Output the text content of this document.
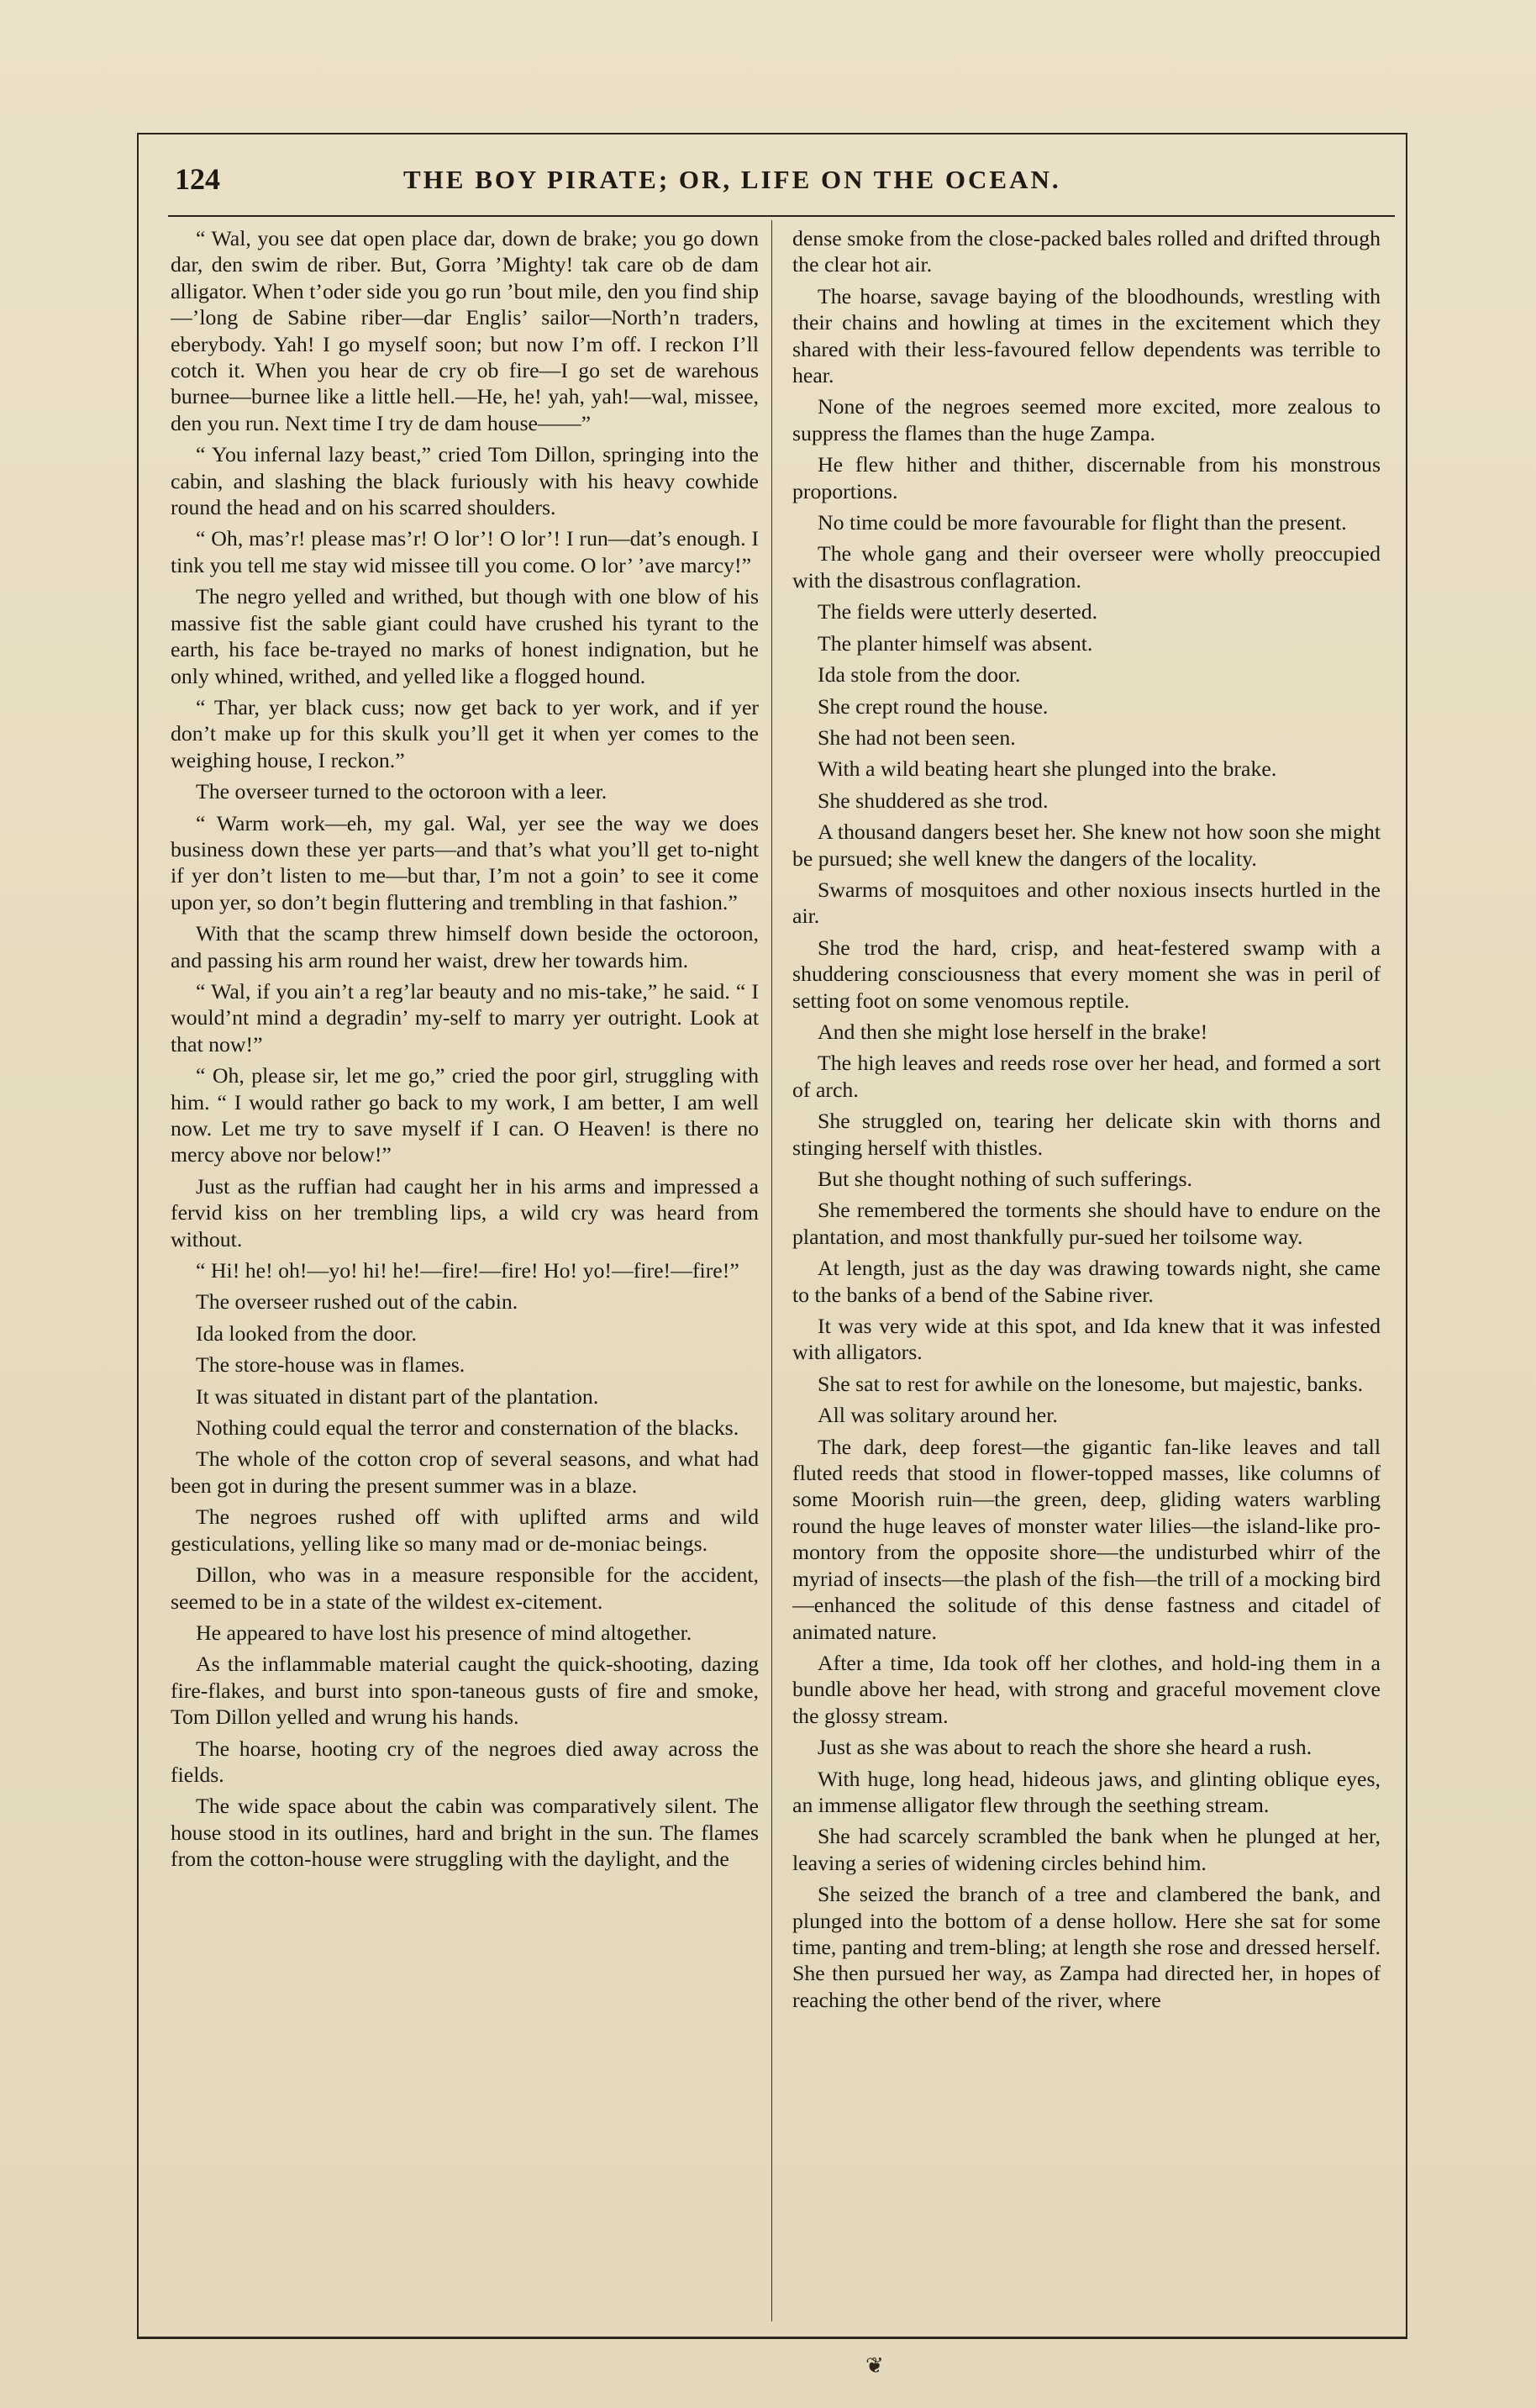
124	THE BOY PIRATE; OR, LIFE ON THE OCEAN.

“ Wal, you see dat open place dar, down de brake; you go down dar, den swim de riber. But, Gorra ’Mighty! tak care ob de dam alligator. When t’oder side you go run ’bout mile, den you find ship—’long de Sabine riber—dar Englis’ sailor—North’n traders, eberybody. Yah! I go myself soon; but now I’m off. I reckon I’ll cotch it. When you hear de cry ob fire—I go set de warehous burnee—burnee like a little hell.—He, he! yah, yah!—wal, missee, den you run. Next time I try de dam house——”

“ You infernal lazy beast,” cried Tom Dillon, springing into the cabin, and slashing the black furiously with his heavy cowhide round the head and on his scarred shoulders.

“ Oh, mas’r! please mas’r! O lor’! O lor’! I run—dat’s enough. I tink you tell me stay wid missee till you come. O lor’ ’ave marcy!”

The negro yelled and writhed, but though with one blow of his massive fist the sable giant could have crushed his tyrant to the earth, his face be-trayed no marks of honest indignation, but he only whined, writhed, and yelled like a flogged hound.

“ Thar, yer black cuss; now get back to yer work, and if yer don’t make up for this skulk you’ll get it when yer comes to the weighing house, I reckon.”

The overseer turned to the octoroon with a leer.

“ Warm work—eh, my gal. Wal, yer see the way we does business down these yer parts—and that’s what you’ll get to-night if yer don’t listen to me—but thar, I’m not a goin’ to see it come upon yer, so don’t begin fluttering and trembling in that fashion.”

With that the scamp threw himself down beside the octoroon, and passing his arm round her waist, drew her towards him.

“ Wal, if you ain’t a reg’lar beauty and no mis-take,” he said. “ I would’nt mind a degradin’ my-self to marry yer outright. Look at that now!”

“ Oh, please sir, let me go,” cried the poor girl, struggling with him. “ I would rather go back to my work, I am better, I am well now. Let me try to save myself if I can. O Heaven! is there no mercy above nor below!”

Just as the ruffian had caught her in his arms and impressed a fervid kiss on her trembling lips, a wild cry was heard from without.

“ Hi! he! oh!—yo! hi! he!—fire!—fire! Ho! yo!—fire!—fire!”

The overseer rushed out of the cabin.

Ida looked from the door.

The store-house was in flames.

It was situated in distant part of the plantation.

Nothing could equal the terror and consternation of the blacks.

The whole of the cotton crop of several seasons, and what had been got in during the present summer was in a blaze.

The negroes rushed off with uplifted arms and wild gesticulations, yelling like so many mad or de-moniac beings.

Dillon, who was in a measure responsible for the accident, seemed to be in a state of the wildest ex-citement.

He appeared to have lost his presence of mind altogether.

As the inflammable material caught the quick-shooting, dazing fire-flakes, and burst into spon-taneous gusts of fire and smoke, Tom Dillon yelled and wrung his hands.

The hoarse, hooting cry of the negroes died away across the fields.

The wide space about the cabin was comparatively silent. The house stood in its outlines, hard and bright in the sun. The flames from the cotton-house were struggling with the daylight, and the

dense smoke from the close-packed bales rolled and drifted through the clear hot air.

The hoarse, savage baying of the bloodhounds, wrestling with their chains and howling at times in the excitement which they shared with their less-favoured fellow dependents was terrible to hear.

None of the negroes seemed more excited, more zealous to suppress the flames than the huge Zampa.

He flew hither and thither, discernable from his monstrous proportions.

No time could be more favourable for flight than the present.

The whole gang and their overseer were wholly preoccupied with the disastrous conflagration.

The fields were utterly deserted.

The planter himself was absent.

Ida stole from the door.

She crept round the house.

She had not been seen.

With a wild beating heart she plunged into the brake.

She shuddered as she trod.

A thousand dangers beset her. She knew not how soon she might be pursued; she well knew the dangers of the locality.

Swarms of mosquitoes and other noxious insects hurtled in the air.

She trod the hard, crisp, and heat-festered swamp with a shuddering consciousness that every moment she was in peril of setting foot on some venomous reptile.

And then she might lose herself in the brake!

The high leaves and reeds rose over her head, and formed a sort of arch.

She struggled on, tearing her delicate skin with thorns and stinging herself with thistles.

But she thought nothing of such sufferings.

She remembered the torments she should have to endure on the plantation, and most thankfully pur-sued her toilsome way.

At length, just as the day was drawing towards night, she came to the banks of a bend of the Sabine river.

It was very wide at this spot, and Ida knew that it was infested with alligators.

She sat to rest for awhile on the lonesome, but majestic, banks.

All was solitary around her.

The dark, deep forest—the gigantic fan-like leaves and tall fluted reeds that stood in flower-topped masses, like columns of some Moorish ruin—the green, deep, gliding waters warbling round the huge leaves of monster water lilies—the island-like pro-montory from the opposite shore—the undisturbed whirr of the myriad of insects—the plash of the fish—the trill of a mocking bird—enhanced the solitude of this dense fastness and citadel of animated nature.

After a time, Ida took off her clothes, and hold-ing them in a bundle above her head, with strong and graceful movement clove the glossy stream.

Just as she was about to reach the shore she heard a rush.

With huge, long head, hideous jaws, and glinting oblique eyes, an immense alligator flew through the seething stream.

She had scarcely scrambled the bank when he plunged at her, leaving a series of widening circles behind him.

She seized the branch of a tree and clambered the bank, and plunged into the bottom of a dense hollow. Here she sat for some time, panting and trem-bling; at length she rose and dressed herself. She then pursued her way, as Zampa had directed her, in hopes of reaching the other bend of the river, where

❦
